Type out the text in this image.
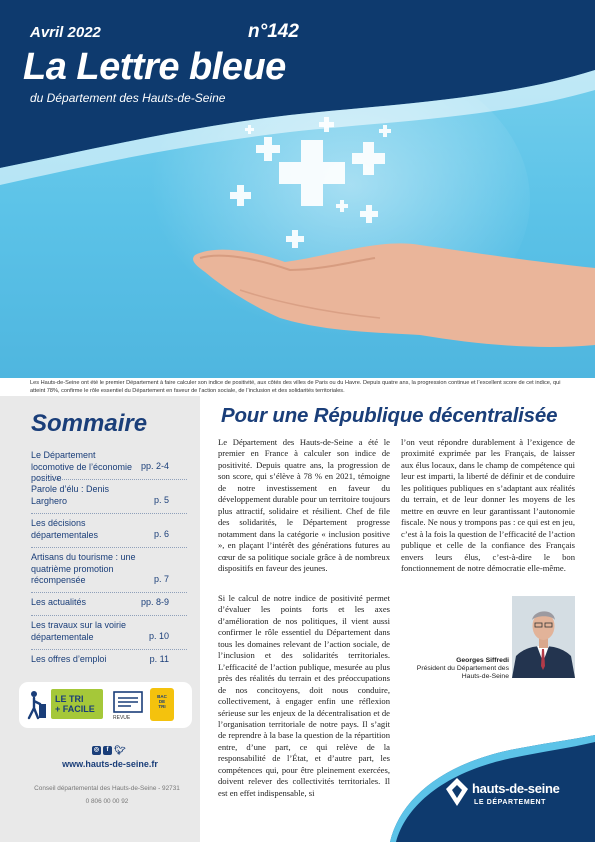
Avril 2022	n°142
La Lettre bleue
du Département des Hauts-de-Seine
Les Hauts-de-Seine ont été le premier Département à faire calculer son indice de positivité, aux côtés des villes de Paris ou du Havre. Depuis quatre ans, la progression continue et l’excellent score de cet indice, qui atteint 78%, confirme le rôle essentiel du Département en faveur de l’action sociale, de l’inclusion et des solidarités territoriales.
Sommaire
Le Département locomotive de l’économie positive
pp. 2-4
Parole d’élu : Denis Larghero	p. 5
Les décisions départementales	p. 6
Artisans du tourisme : une quatrième promotion récompensée	p. 7
Les actualités	pp. 8-9
Les travaux sur la voirie départementale	p. 10
Les offres d’emploi	p. 11
LE TRI
+ FACILE
REVUE
BAC DE TRI
◎	f 🐦︎
www.hauts-de-seine.fr
Conseil départemental des Hauts-de-Seine - 92731
0 806 00 00 92
Pour une République décentralisée

Le Département des Hauts-de-Seine a été le premier en France à calculer son indice de positivité. Depuis quatre ans, la progression de son score, qui s’élève à 78 % en 2021, témoigne de notre investissement en faveur du développement durable pour un territoire toujours plus attractif, solidaire et résilient. Chef de file des solidarités, le Département progresse notamment dans la catégorie « inclusion positive », en plaçant l’intérêt des générations futures au cœur de sa politique sociale grâce à de nombreux dispositifs en faveur des jeunes.

Si le calcul de notre indice de positivité permet d’évaluer les points forts et les axes d’amélioration de nos politiques, il vient aussi confirmer le rôle essentiel du Département dans tous les domaines relevant de l’action sociale, de l’inclusion et des solidarités territoriales. L’efficacité de l’action publique, mesurée au plus près des réalités du terrain et des préoccupations de nos concitoyens, doit nous conduire, collectivement, à engager enfin une réflexion sérieuse sur les enjeux de la décentralisation et de l’organisation territoriale de notre pays. Il s’agit de reprendre à la base la question de la répartition entre, d’une part, ce qui relève de la responsabilité de l’État, et d’autre part, les compétences qui, pour être pleinement exercées, doivent relever des collectivités territoriales. Il est en effet indispensable, si

l’on veut répondre durablement à l’exigence de proximité exprimée par les Français, de laisser aux élus locaux, dans le champ de compétence qui leur est imparti, la liberté de définir et de conduire les politiques publiques en s’adaptant aux réalités du terrain, et de leur donner les moyens de les mettre en œuvre en leur garantissant l’autonomie fiscale. Ne nous y trompons pas : ce qui est en jeu, c’est à la fois la question de l’efficacité de l’action publique et celle de la confiance des Français envers leurs élus, c’est-à-dire le bon fonctionnement de notre démocratie elle-même.

Georges Siffredi
Président du Département des Hauts-de-Seine
hauts-de-seine
LE DÉPARTEMENT
